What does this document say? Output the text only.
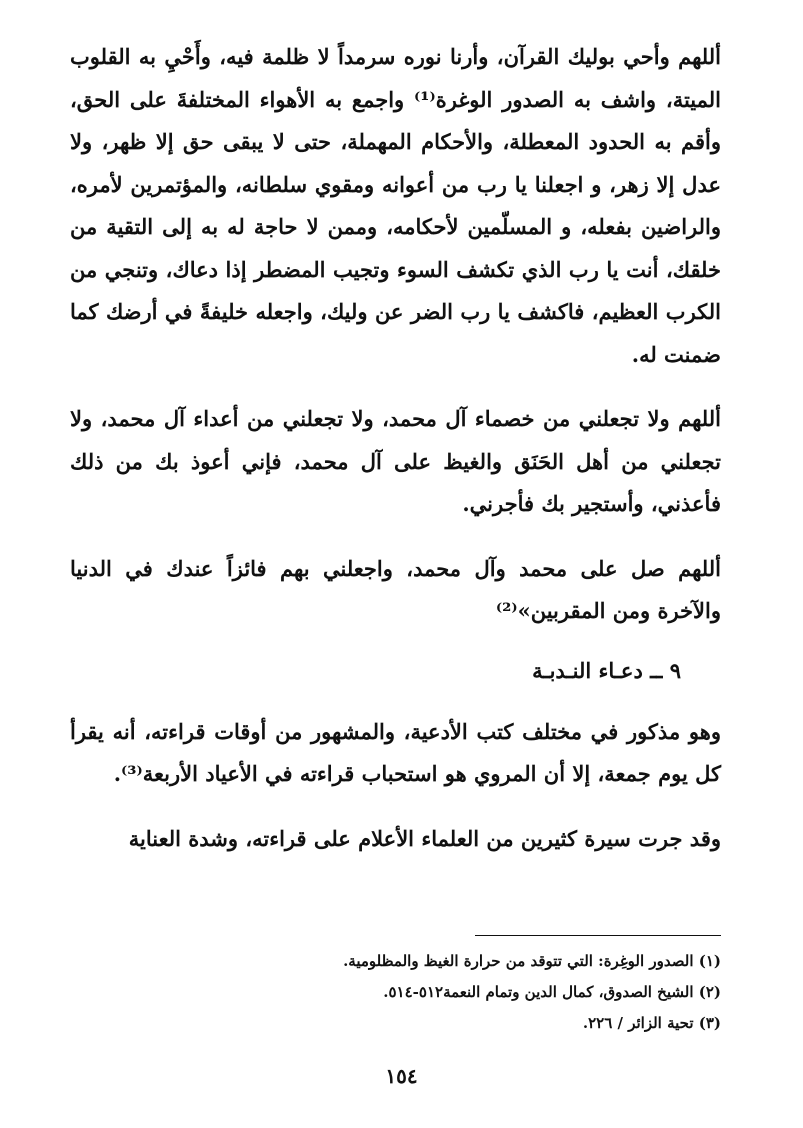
أللهم وأحي بوليك القرآن، وأرنا نوره سرمداً لا ظلمة فيه، وأَحْيِ به القلوب الميتة، واشف به الصدور الوغرة⁽¹⁾ واجمع به الأهواء المختلفةَ على الحق، وأقم به الحدود المعطلة، والأحكام المهملة، حتى لا يبقى حق إلا ظهر، ولا عدل إلا زهر، و اجعلنا يا رب من أعوانه ومقوي سلطانه، والمؤتمرين لأمره، والراضين بفعله، و المسلّمين لأحكامه، وممن لا حاجة له به إلى التقية من خلقك، أنت يا رب الذي تكشف السوء وتجيب المضطر إذا دعاك، وتنجي من الكرب العظيم، فاكشف يا رب الضر عن وليك، واجعله خليفةً في أرضك كما ضمنت له.

أللهم ولا تجعلني من خصماء آل محمد، ولا تجعلني من أعداء آل محمد، ولا تجعلني من أهل الحَنَق والغيظ على آل محمد، فإني أعوذ بك من ذلك فأعذني، وأستجير بك فأجرني.

أللهم صل على محمد وآل محمد، واجعلني بهم فائزاً عندك في الدنيا والآخرة ومن المقربين»⁽²⁾

٩ ــ دعـاء النـدبـة

وهو مذكور في مختلف كتب الأدعية، والمشهور من أوقات قراءته، أنه يقرأ كل يوم جمعة، إلا أن المروي هو استحباب قراءته في الأعياد الأربعة⁽³⁾.

وقد جرت سيرة كثيرين من العلماء الأعلام على قراءته، وشدة العناية

(١) الصدور الوغِرة: التي تتوقد من حرارة الغيظ والمظلومية.

(٢) الشيخ الصدوق، كمال الدين وتمام النعمة٥١٢-٥١٤.

(٣) تحية الزائر / ٢٢٦.

١٥٤
